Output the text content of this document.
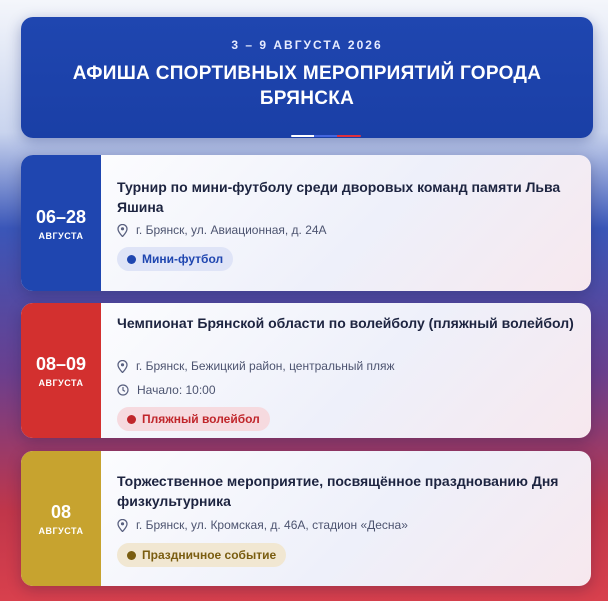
3 – 9 АВГУСТА 2026
АФИША СПОРТИВНЫХ МЕРОПРИЯТИЙ ГОРОДА БРЯНСКА
06–28
АВГУСТА
Турнир по мини-футболу среди дворовых команд памяти Льва Яшина
г. Брянск, ул. Авиационная, д. 24А
Мини-футбол
08–09
АВГУСТА
Чемпионат Брянской области по волейболу (пляжный волейбол)
г. Брянск, Бежицкий район, центральный пляж
Начало: 10:00
Пляжный волейбол
08
АВГУСТА
Торжественное мероприятие, посвящённое празднованию Дня физкультурника
г. Брянск, ул. Кромская, д. 46А, стадион «Десна»
Праздничное событие
